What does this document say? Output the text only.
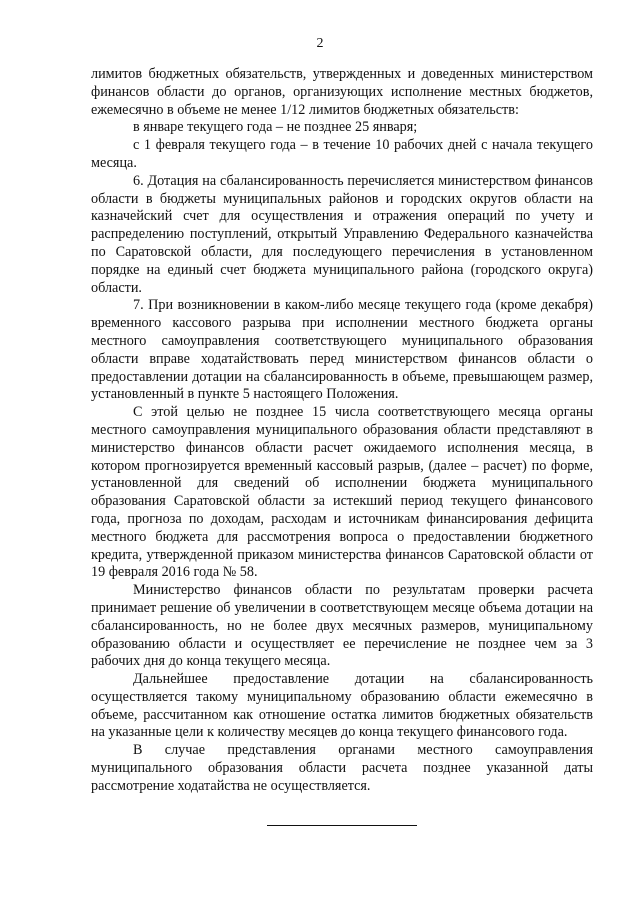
2

лимитов бюджетных обязательств, утвержденных и доведенных министерством финансов области до органов, организующих исполнение местных бюджетов, ежемесячно в объеме не менее 1/12 лимитов бюджетных обязательств:

в январе текущего года – не позднее 25 января;

с 1 февраля текущего года – в течение 10 рабочих дней с начала текущего месяца.

6. Дотация на сбалансированность перечисляется министерством финансов области в бюджеты муниципальных районов и городских округов области на казначейский счет для осуществления и отражения операций по учету и распределению поступлений, открытый Управлению Федерального казначейства по Саратовской области, для последующего перечисления в установленном порядке на единый счет бюджета муниципального района (городского округа) области.

7. При возникновении в каком-либо месяце текущего года (кроме декабря) временного кассового разрыва при исполнении местного бюджета органы местного самоуправления соответствующего муниципального образования области вправе ходатайствовать перед министерством финансов области о предоставлении дотации на сбалансированность в объеме, превышающем размер, установленный в пункте 5 настоящего Положения.

С этой целью не позднее 15 числа соответствующего месяца органы местного самоуправления муниципального образования области представляют в министерство финансов области расчет ожидаемого исполнения месяца, в котором прогнозируется временный кассовый разрыв, (далее – расчет) по форме, установленной для сведений об исполнении бюджета муниципального образования Саратовской области за истекший период текущего финансового года, прогноза по доходам, расходам и источникам финансирования дефицита местного бюджета для рассмотрения вопроса о предоставлении бюджетного кредита, утвержденной приказом министерства финансов Саратовской области от 19 февраля 2016 года № 58.

Министерство финансов области по результатам проверки расчета принимает решение об увеличении в соответствующем месяце объема дотации на сбалансированность, но не более двух месячных размеров, муниципальному образованию области и осуществляет ее перечисление не позднее чем за 3 рабочих дня до конца текущего месяца.

Дальнейшее предоставление дотации на сбалансированность осуществляется такому муниципальному образованию области ежемесячно в объеме, рассчитанном как отношение остатка лимитов бюджетных обязательств на указанные цели к количеству месяцев до конца текущего финансового года.

В случае представления органами местного самоуправления муниципального образования области расчета позднее указанной даты рассмотрение ходатайства не осуществляется.
